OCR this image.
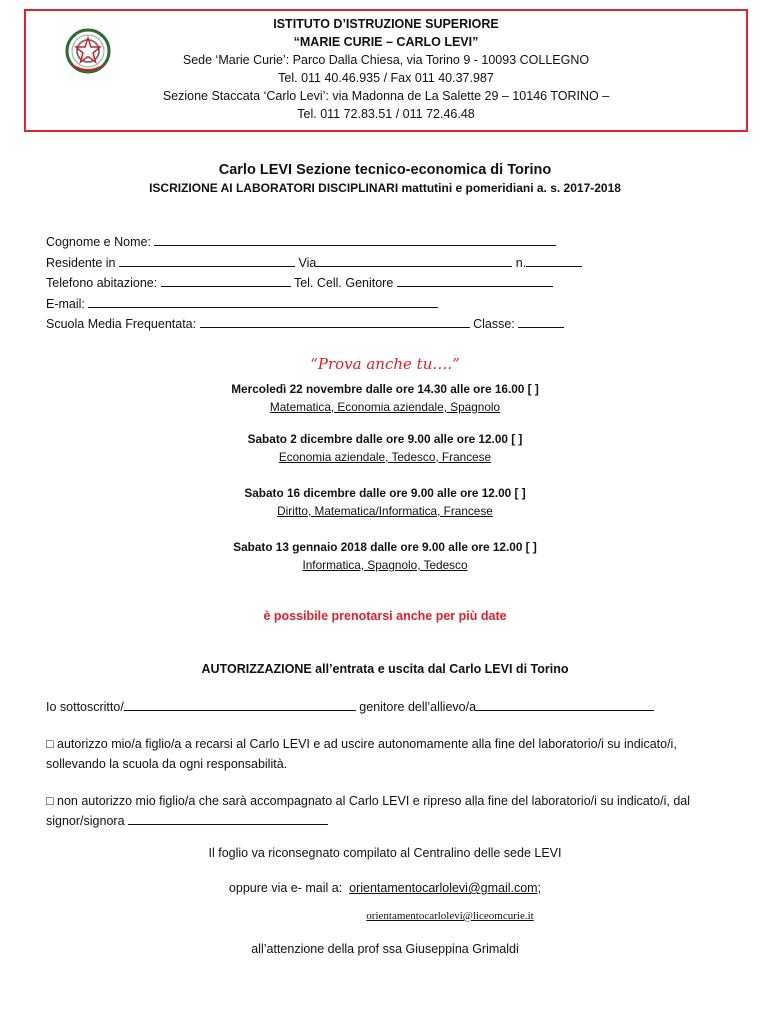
ISTITUTO D’ISTRUZIONE SUPERIORE
“MARIE CURIE – CARLO LEVI”
Sede ‘Marie Curie’: Parco Dalla Chiesa, via Torino 9 - 10093 COLLEGNO
Tel. 011 40.46.935 / Fax 011 40.37.987
Sezione Staccata ‘Carlo Levi’: via Madonna de La Salette 29 – 10146 TORINO –
Tel. 011 72.83.51 / 011 72.46.48
Carlo LEVI Sezione tecnico-economica di Torino
ISCRIZIONE AI LABORATORI DISCIPLINARI mattutini e pomeridiani a. s. 2017-2018
Cognome e Nome:
Residente in	Via	n.
Telefono abitazione:	Tel. Cell. Genitore
E-mail:
Scuola Media Frequentata:	Classe:
“Prova anche tu….”
Mercoledì 22 novembre dalle ore 14.30 alle ore 16.00 [ ]
Matematica, Economia aziendale, Spagnolo
Sabato 2 dicembre dalle ore 9.00 alle ore 12.00 [ ]
Economia aziendale, Tedesco, Francese
Sabato 16 dicembre dalle ore 9.00 alle ore 12.00 [ ]
Diritto, Matematica/Informatica, Francese
Sabato 13 gennaio 2018 dalle ore 9.00 alle ore 12.00 [ ]
Informatica, Spagnolo, Tedesco
è possibile prenotarsi anche per più date
AUTORIZZAZIONE all’entrata e uscita dal Carlo LEVI di Torino
Io sottoscritto/	genitore dell’allievo/a
□ autorizzo mio/a figlio/a a recarsi al Carlo LEVI e ad uscire autonomamente alla fine del laboratorio/i su indicato/i, sollevando la scuola da ogni responsabilità.
□ non autorizzo mio figlio/a che sarà accompagnato al Carlo LEVI e ripreso alla fine del laboratorio/i su indicato/i, dal signor/signora
Il foglio va riconsegnato compilato al Centralino delle sede LEVI
oppure via e- mail a: orientamentocarlolevi@gmail.com;
orientamentocarlolevi@liceomcurie.it
all’attenzione della prof ssa Giuseppina Grimaldi
